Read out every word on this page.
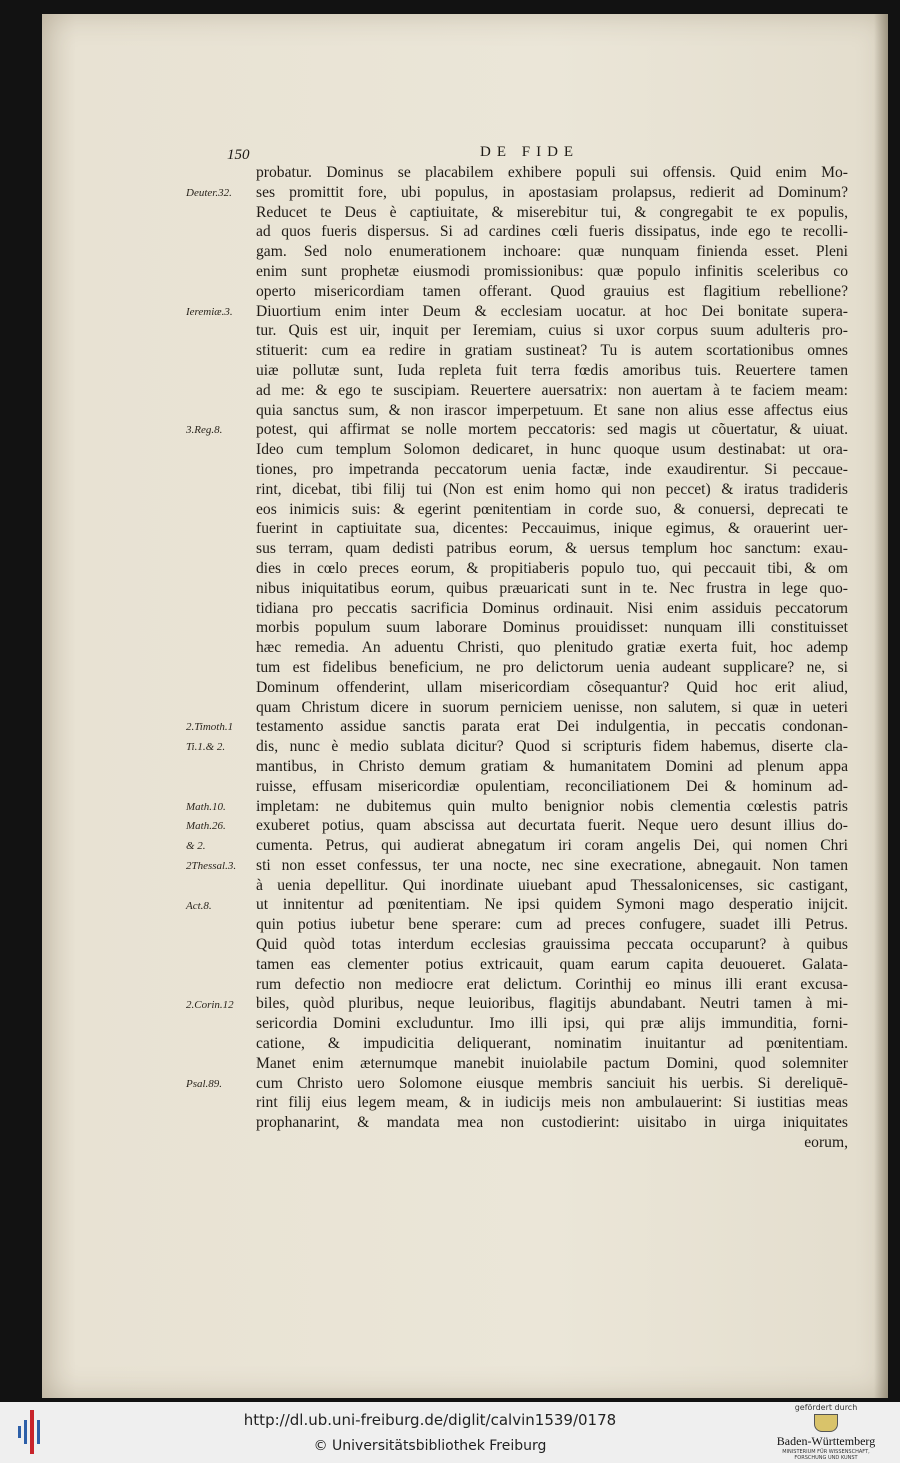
150	DE FIDE
probatur. Dominus se placabilem exhibere populi sui offensis. Quid enim Mo-
ses promittit fore, ubi populus, in apostasiam prolapsus, redierit ad Dominum?
Reducet te Deus è captiuitate, & miserebitur tui, & congregabit te ex populis,
ad quos fueris dispersus. Si ad cardines cœli fueris dissipatus, inde ego te recolli-
gam. Sed nolo enumerationem inchoare: quæ nunquam finienda esset. Pleni
enim sunt prophetæ eiusmodi promissionibus: quæ populo infinitis sceleribus co
operto misericordiam tamen offerant. Quod grauius est flagitium rebellione?
Diuortium enim inter Deum & ecclesiam uocatur. at hoc Dei bonitate supera-
tur. Quis est uir, inquit per Ieremiam, cuius si uxor corpus suum adulteris pro-
stituerit: cum ea redire in gratiam sustineat? Tu is autem scortationibus omnes
uiæ pollutæ sunt, Iuda repleta fuit terra fœdis amoribus tuis. Reuertere tamen
ad me: & ego te suscipiam. Reuertere auersatrix: non auertam à te faciem meam:
quia sanctus sum, & non irascor imperpetuum. Et sane non alius esse affectus eius
potest, qui affirmat se nolle mortem peccatoris: sed magis ut cõuertatur, & uiuat.
Ideo cum templum Solomon dedicaret, in hunc quoque usum destinabat: ut ora-
tiones, pro impetranda peccatorum uenia factæ, inde exaudirentur. Si peccaue-
rint, dicebat, tibi filij tui (Non est enim homo qui non peccet) & iratus tradideris
eos inimicis suis: & egerint pœnitentiam in corde suo, & conuersi, deprecati te
fuerint in captiuitate sua, dicentes: Peccauimus, inique egimus, & orauerint uer-
sus terram, quam dedisti patribus eorum, & uersus templum hoc sanctum: exau-
dies in cœlo preces eorum, & propitiaberis populo tuo, qui peccauit tibi, & om
nibus iniquitatibus eorum, quibus præuaricati sunt in te. Nec frustra in lege quo-
tidiana pro peccatis sacrificia Dominus ordinauit. Nisi enim assiduis peccatorum
morbis populum suum laborare Dominus prouidisset: nunquam illi constituisset
hæc remedia. An aduentu Christi, quo plenitudo gratiæ exerta fuit, hoc ademp
tum est fidelibus beneficium, ne pro delictorum uenia audeant supplicare? ne, si
Dominum offenderint, ullam misericordiam cõsequantur? Quid hoc erit aliud,
quam Christum dicere in suorum perniciem uenisse, non salutem, si quæ in ueteri
testamento assidue sanctis parata erat Dei indulgentia, in peccatis condonan-
dis, nunc è medio sublata dicitur? Quod si scripturis fidem habemus, diserte cla-
mantibus, in Christo demum gratiam & humanitatem Domini ad plenum appa
ruisse, effusam misericordiæ opulentiam, reconciliationem Dei & hominum ad-
impletam: ne dubitemus quin multo benignior nobis clementia cœlestis patris
exuberet potius, quam abscissa aut decurtata fuerit. Neque uero desunt illius do-
cumenta. Petrus, qui audierat abnegatum iri coram angelis Dei, qui nomen Chri
sti non esset confessus, ter una nocte, nec sine execratione, abnegauit. Non tamen
à uenia depellitur. Qui inordinate uiuebant apud Thessalonicenses, sic castigant,
ut innitentur ad pœnitentiam. Ne ipsi quidem Symoni mago desperatio inijcit.
quin potius iubetur bene sperare: cum ad preces confugere, suadet illi Petrus.
Quid quòd totas interdum ecclesias grauissima peccata occuparunt? à quibus
tamen eas clementer potius extricauit, quam earum capita deuoueret. Galata-
rum defectio non mediocre erat delictum. Corinthij eo minus illi erant excusa-
biles, quòd pluribus, neque leuioribus, flagitijs abundabant. Neutri tamen à mi-
sericordia Domini excluduntur. Imo illi ipsi, qui præ alijs immunditia, forni-
catione, & impudicitia deliquerant, nominatim inuitantur ad pœnitentiam.
Manet enim æternumque manebit inuiolabile pactum Domini, quod solemniter
cum Christo uero Solomone eiusque membris sanciuit his uerbis. Si dereliquē-
rint filij eius legem meam, & in iudicijs meis non ambulauerint: Si iustitias meas
prophanarint, & mandata mea non custodierint: uisitabo in uirga iniquitates
eorum,
Deuter.32.
Ieremiæ.3.
3.Reg.8.
2.Timoth.1
Ti.1.& 2.
Math.10.
Math.26.
& 2.
2Thessal.3.
Act.8.
2.Corin.12
Psal.89.
http://dl.ub.uni-freiburg.de/diglit/calvin1539/0178
© Universitätsbibliothek Freiburg
gefördert durch
Baden-Württemberg
MINISTERIUM FÜR WISSENSCHAFT, FORSCHUNG UND KUNST
